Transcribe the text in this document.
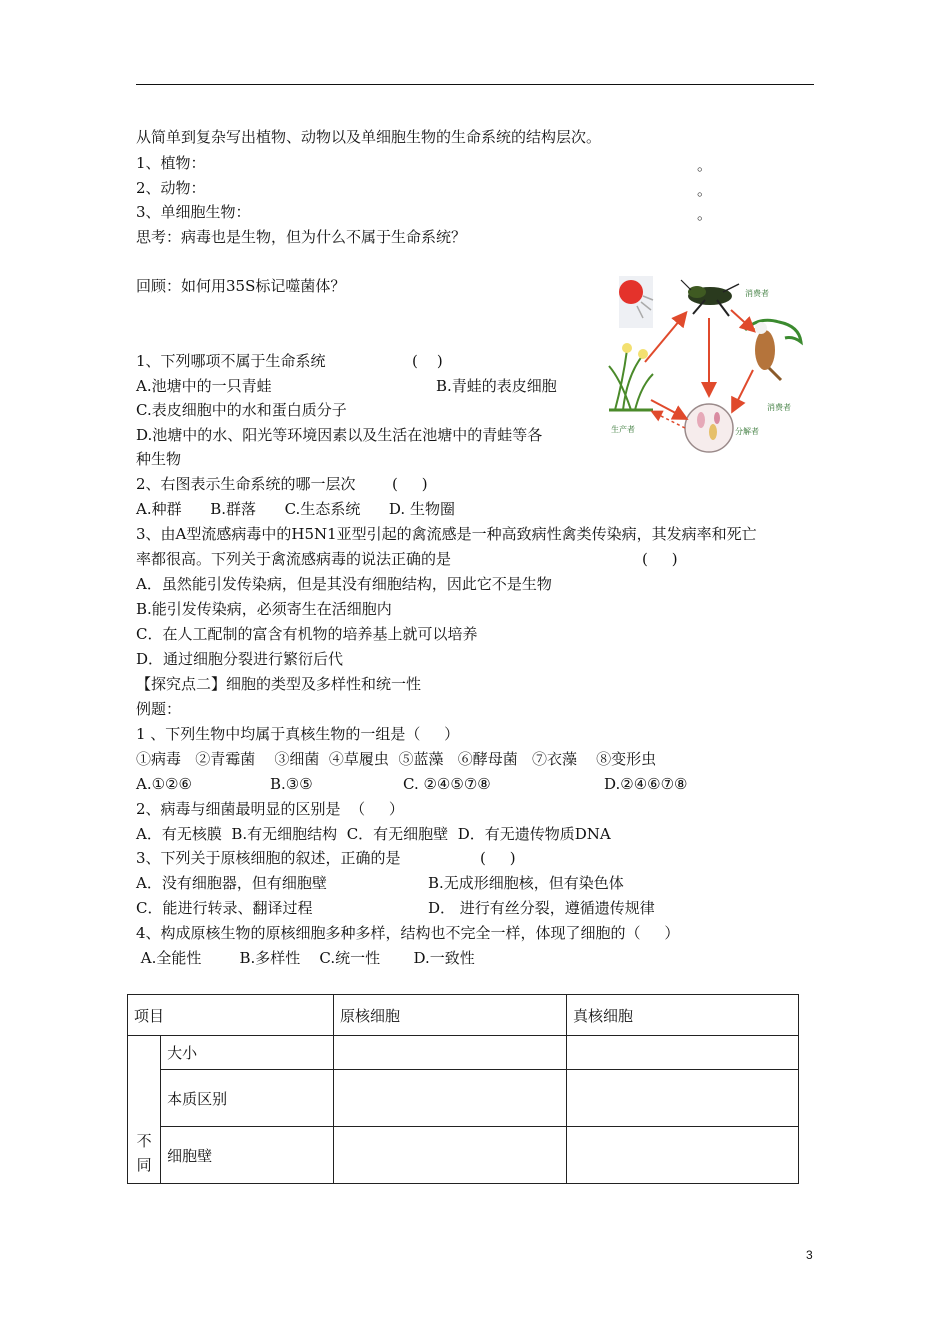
从简单到复杂写出植物、动物以及单细胞生物的生命系统的结构层次。
1、植物：	。
2、动物：	。
3、单细胞生物：	。
思考：病毒也是生物，但为什么不属于生命系统？
回顾：如何用35S标记噬菌体？	消费者
消费者
生产者	分解者
1、下列哪项不属于生命系统	(    )
A.池塘中的一只青蛙	B.青蛙的表皮细胞
C.表皮细胞中的水和蛋白质分子
D.池塘中的水、阳光等环境因素以及生活在池塘中的青蛙等各
种生物
2、右图表示生命系统的哪一层次 (     )
A.种群      B.群落      C.生态系统      D. 生物圈
3、由A型流感病毒中的H5N1亚型引起的禽流感是一种高致病性禽类传染病，其发病率和死亡
率都很高。下列关于禽流感病毒的说法正确的是	(     )
A．虽然能引发传染病，但是其没有细胞结构，因此它不是生物
B.能引发传染病，必须寄生在活细胞内
C．在人工配制的富含有机物的培养基上就可以培养
D．通过细胞分裂进行繁衍后代
【探究点二】细胞的类型及多样性和统一性
例题：
1 、下列生物中均属于真核生物的一组是（     ）
①病毒   ②青霉菌    ③细菌  ④草履虫  ⑤蓝藻   ⑥酵母菌   ⑦衣藻    ⑧变形虫
A.①②⑥	B.③⑤	C. ②④⑤⑦⑧	D.②④⑥⑦⑧
2、病毒与细菌最明显的区别是  （     ）
A．有无核膜  B.有无细胞结构  C．有无细胞壁  D．有无遗传物质DNA
3、下列关于原核细胞的叙述，正确的是	(     )
A．没有细胞器，但有细胞壁	B.无成形细胞核，但有染色体
C．能进行转录、翻译过程	D． 进行有丝分裂，遵循遗传规律
4、构成原核生物的原核细胞多种多样，结构也不完全一样，体现了细胞的（     ）
A.全能性        B.多样性    C.统一性       D.一致性
项目		原核细胞	真核细胞
不
同	大小		
	本质区别		
	细胞壁		
3
